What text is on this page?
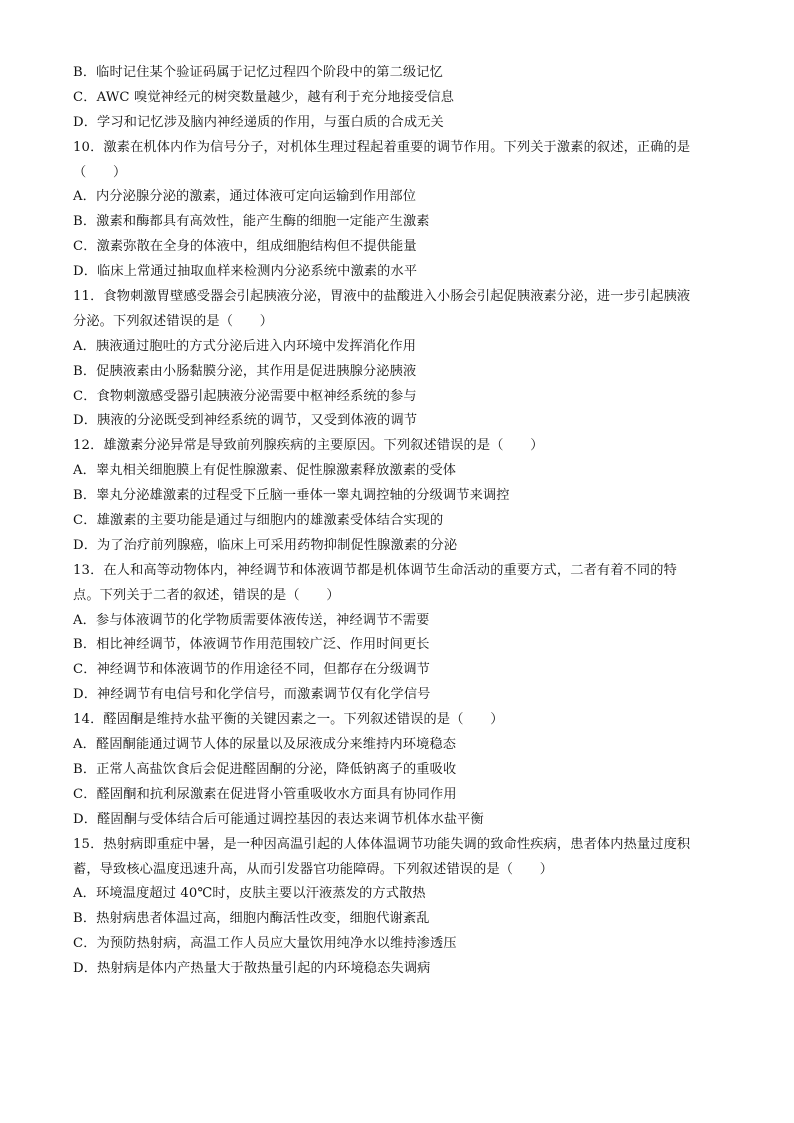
B．临时记住某个验证码属于记忆过程四个阶段中的第二级记忆
C．AWC 嗅觉神经元的树突数量越少，越有利于充分地接受信息
D．学习和记忆涉及脑内神经递质的作用，与蛋白质的合成无关
10．激素在机体内作为信号分子，对机体生理过程起着重要的调节作用。下列关于激素的叙述，正确的是
（　　）
A．内分泌腺分泌的激素，通过体液可定向运输到作用部位
B．激素和酶都具有高效性，能产生酶的细胞一定能产生激素
C．激素弥散在全身的体液中，组成细胞结构但不提供能量
D．临床上常通过抽取血样来检测内分泌系统中激素的水平
11．食物刺激胃壁感受器会引起胰液分泌，胃液中的盐酸进入小肠会引起促胰液素分泌，进一步引起胰液
分泌。下列叙述错误的是（　　）
A．胰液通过胞吐的方式分泌后进入内环境中发挥消化作用
B．促胰液素由小肠黏膜分泌，其作用是促进胰腺分泌胰液
C．食物刺激感受器引起胰液分泌需要中枢神经系统的参与
D．胰液的分泌既受到神经系统的调节，又受到体液的调节
12．雄激素分泌异常是导致前列腺疾病的主要原因。下列叙述错误的是（　　）
A．睾丸相关细胞膜上有促性腺激素、促性腺激素释放激素的受体
B．睾丸分泌雄激素的过程受下丘脑一垂体一睾丸调控轴的分级调节来调控
C．雄激素的主要功能是通过与细胞内的雄激素受体结合实现的
D．为了治疗前列腺癌，临床上可采用药物抑制促性腺激素的分泌
13．在人和高等动物体内，神经调节和体液调节都是机体调节生命活动的重要方式，二者有着不同的特
点。下列关于二者的叙述，错误的是（　　）
A．参与体液调节的化学物质需要体液传送，神经调节不需要
B．相比神经调节，体液调节作用范围较广泛、作用时间更长
C．神经调节和体液调节的作用途径不同，但都存在分级调节
D．神经调节有电信号和化学信号，而激素调节仅有化学信号
14．醛固酮是维持水盐平衡的关键因素之一。下列叙述错误的是（　　）
A．醛固酮能通过调节人体的尿量以及尿液成分来维持内环境稳态
B．正常人高盐饮食后会促进醛固酮的分泌，降低钠离子的重吸收
C．醛固酮和抗利尿激素在促进肾小管重吸收水方面具有协同作用
D．醛固酮与受体结合后可能通过调控基因的表达来调节机体水盐平衡
15．热射病即重症中暑，是一种因高温引起的人体体温调节功能失调的致命性疾病，患者体内热量过度积
蓄，导致核心温度迅速升高，从而引发器官功能障碍。下列叙述错误的是（　　）
A．环境温度超过 40℃时，皮肤主要以汗液蒸发的方式散热
B．热射病患者体温过高，细胞内酶活性改变，细胞代谢紊乱
C．为预防热射病，高温工作人员应大量饮用纯净水以维持渗透压
D．热射病是体内产热量大于散热量引起的内环境稳态失调病
